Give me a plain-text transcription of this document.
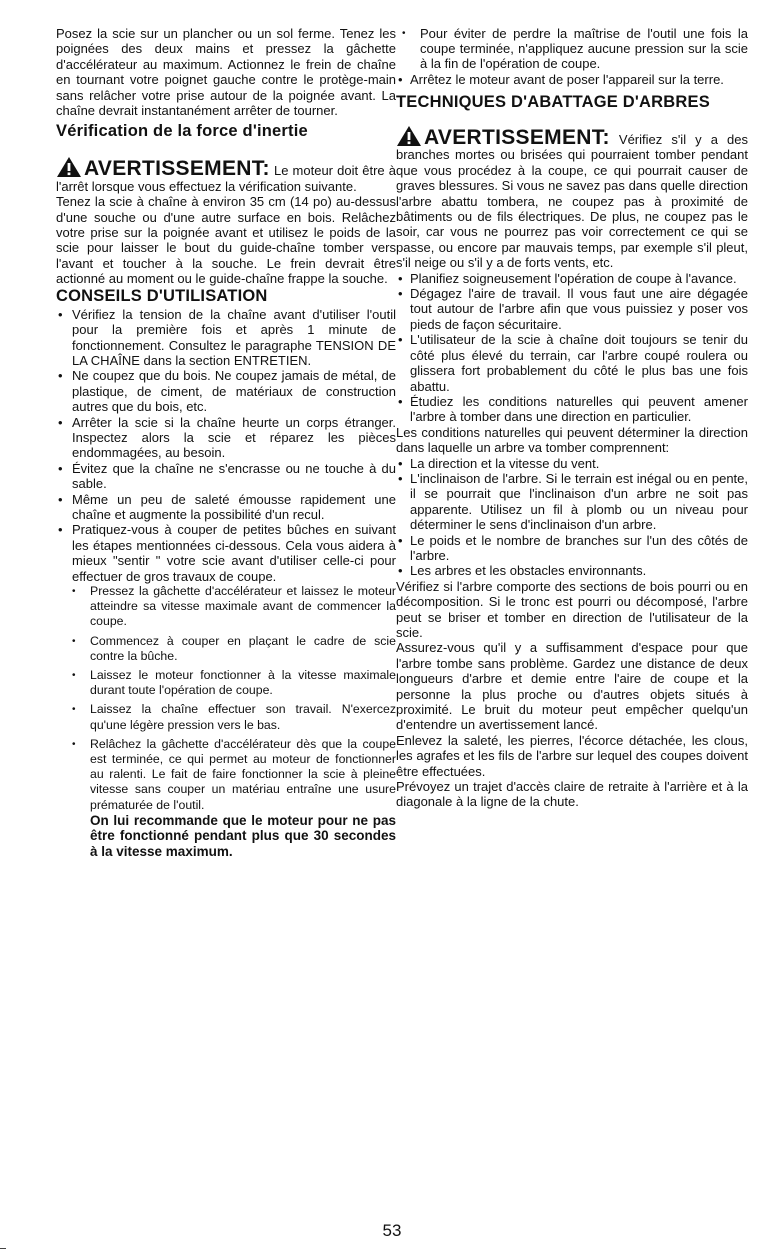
Posez la scie sur un plancher ou un sol ferme. Tenez les poignées des deux mains et pressez la gâchette d'accélérateur au maximum. Actionnez le frein de chaîne en tournant votre poignet gauche contre le protège-main sans relâcher votre prise autour de la poignée avant. La chaîne devrait instantanément arrêter de tourner.

Vérification de la force d'inertie
AVERTISSEMENT: Le moteur doit être à l'arrêt lorsque vous effectuez la vérification suivante.

Tenez la scie à chaîne à environ 35 cm (14 po) au-dessus d'une souche ou d'une autre surface en bois. Relâchez votre prise sur la poignée avant et utilisez le poids de la scie pour laisser le bout du guide-chaîne tomber vers l'avant et toucher à la souche. Le frein devrait être actionné au moment ou le guide-chaîne frappe la souche.

CONSEILS D'UTILISATION
• Vérifiez la tension de la chaîne avant d'utiliser l'outil pour la première fois et après 1 minute de fonctionnement. Consultez le paragraphe TENSION DE LA CHAÎNE dans la section ENTRETIEN.
• Ne coupez que du bois. Ne coupez jamais de métal, de plastique, de ciment, de matériaux de construction autres que du bois, etc.
• Arrêter la scie si la chaîne heurte un corps étranger. Inspectez alors la scie et réparez les pièces endommagées, au besoin.
• Évitez que la chaîne ne s'encrasse ou ne touche à du sable.
• Même un peu de saleté émousse rapidement une chaîne et augmente la possibilité d'un recul.
• Pratiquez-vous à couper de petites bûches en suivant les étapes mentionnées ci-dessous. Cela vous aidera à mieux "sentir " votre scie avant d'utiliser celle-ci pour effectuer de gros travaux de coupe.
• Pressez la gâchette d'accélérateur et laissez le moteur atteindre sa vitesse maximale avant de commencer la coupe.
• Commencez à couper en plaçant le cadre de scie contre la bûche.
• Laissez le moteur fonctionner à la vitesse maximale durant toute l'opération de coupe.
• Laissez la chaîne effectuer son travail. N'exercez qu'une légère pression vers le bas.
• Relâchez la gâchette d'accélérateur dès que la coupe est terminée, ce qui permet au moteur de fonctionner au ralenti. Le fait de faire fonctionner la scie à pleine vitesse sans couper un matériau entraîne une usure prématurée de l'outil.
On lui recommande que le moteur pour ne pas être fonctionné pendant plus que 30 secondes à la vitesse maximum.
• Pour éviter de perdre la maîtrise de l'outil une fois la coupe terminée, n'appliquez aucune pression sur la scie à la fin de l'opération de coupe.
• Arrêtez le moteur avant de poser l'appareil sur la terre.
TECHNIQUES D'ABATTAGE D'ARBRES
AVERTISSEMENT: Vérifiez s'il y a des branches mortes ou brisées qui pourraient tomber pendant que vous procédez à la coupe, ce qui pourrait causer de graves blessures. Si vous ne savez pas dans quelle direction l'arbre abattu tombera, ne coupez pas à proximité de bâtiments ou de fils électriques. De plus, ne coupez pas le soir, car vous ne pourrez pas voir correctement ce qui se passe, ou encore par mauvais temps, par exemple s'il pleut, s'il neige ou s'il y a de forts vents, etc.
• Planifiez soigneusement l'opération de coupe à l'avance.
• Dégagez l'aire de travail. Il vous faut une aire dégagée tout autour de l'arbre afin que vous puissiez y poser vos pieds de façon sécuritaire.
• L'utilisateur de la scie à chaîne doit toujours se tenir du côté plus élevé du terrain, car l'arbre coupé roulera ou glissera fort probablement du côté le plus bas une fois abattu.
• Étudiez les conditions naturelles qui peuvent amener l'arbre à tomber dans une direction en particulier.

Les conditions naturelles qui peuvent déterminer la direction dans laquelle un arbre va tomber comprennent:

• La direction et la vitesse du vent.
• L'inclinaison de l'arbre. Si le terrain est inégal ou en pente, il se pourrait que l'inclinaison d'un arbre ne soit pas apparente. Utilisez un fil à plomb ou un niveau pour déterminer le sens d'inclinaison d'un arbre.
• Le poids et le nombre de branches sur l'un des côtés de l'arbre.
• Les arbres et les obstacles environnants.

Vérifiez si l'arbre comporte des sections de bois pourri ou en décomposition. Si le tronc est pourri ou décomposé, l'arbre peut se briser et tomber en direction de l'utilisateur de la scie.

Assurez-vous qu'il y a suffisamment d'espace pour que l'arbre tombe sans problème. Gardez une distance de deux longueurs d'arbre et demie entre l'aire de coupe et la personne la plus proche ou d'autres objets situés à proximité. Le bruit du moteur peut empêcher quelqu'un d'entendre un avertissement lancé.

Enlevez la saleté, les pierres, l'écorce détachée, les clous, les agrafes et les fils de l'arbre sur lequel des coupes doivent être effectuées.

Prévoyez un trajet d'accès claire de retraite à l'arrière et à la diagonale à la ligne de la chute.

53
